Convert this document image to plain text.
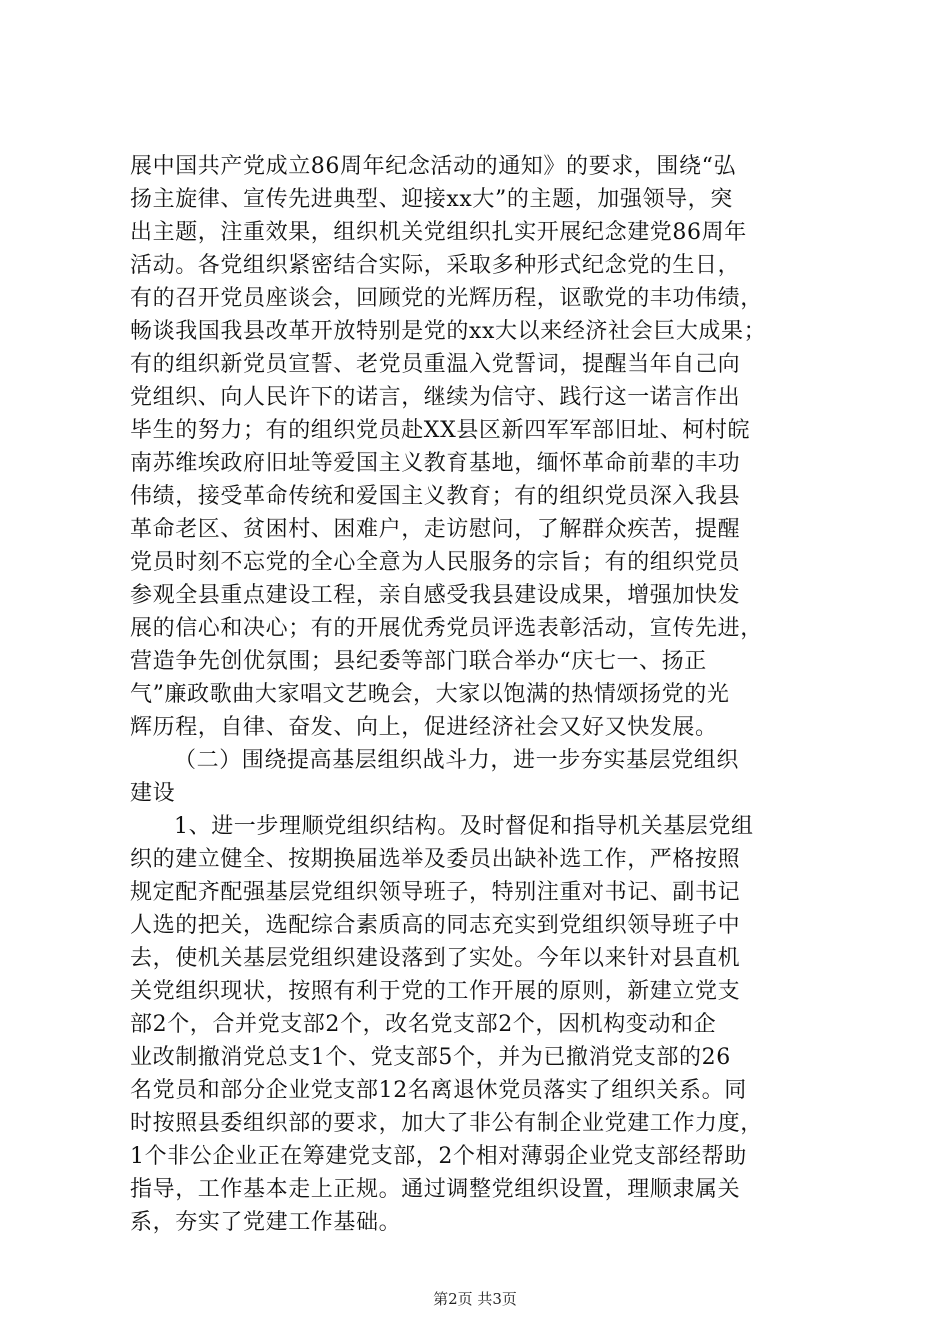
展中国共产党成立86周年纪念活动的通知》的要求，围绕“弘
扬主旋律、宣传先进典型、迎接xx大”的主题，加强领导，突
出主题，注重效果，组织机关党组织扎实开展纪念建党86周年
活动。各党组织紧密结合实际，采取多种形式纪念党的生日，
有的召开党员座谈会，回顾党的光辉历程，讴歌党的丰功伟绩，
畅谈我国我县改革开放特别是党的xx大以来经济社会巨大成果；
有的组织新党员宣誓、老党员重温入党誓词，提醒当年自己向
党组织、向人民许下的诺言，继续为信守、践行这一诺言作出
毕生的努力；有的组织党员赴XX县区新四军军部旧址、柯村皖
南苏维埃政府旧址等爱国主义教育基地，缅怀革命前辈的丰功
伟绩，接受革命传统和爱国主义教育；有的组织党员深入我县
革命老区、贫困村、困难户，走访慰问，了解群众疾苦，提醒
党员时刻不忘党的全心全意为人民服务的宗旨；有的组织党员
参观全县重点建设工程，亲自感受我县建设成果，增强加快发
展的信心和决心；有的开展优秀党员评选表彰活动，宣传先进，
营造争先创优氛围；县纪委等部门联合举办“庆七一、扬正
气”廉政歌曲大家唱文艺晚会，大家以饱满的热情颂扬党的光
辉历程，自律、奋发、向上，促进经济社会又好又快发展。
（二）围绕提高基层组织战斗力，进一步夯实基层党组织
建设
1、进一步理顺党组织结构。及时督促和指导机关基层党组
织的建立健全、按期换届选举及委员出缺补选工作，严格按照
规定配齐配强基层党组织领导班子，特别注重对书记、副书记
人选的把关，选配综合素质高的同志充实到党组织领导班子中
去，使机关基层党组织建设落到了实处。今年以来针对县直机
关党组织现状，按照有利于党的工作开展的原则，新建立党支
部2个，合并党支部2个，改名党支部2个，因机构变动和企
业改制撤消党总支1个、党支部5个，并为已撤消党支部的26
名党员和部分企业党支部12名离退休党员落实了组织关系。同
时按照县委组织部的要求，加大了非公有制企业党建工作力度，
1个非公企业正在筹建党支部，2个相对薄弱企业党支部经帮助
指导，工作基本走上正规。通过调整党组织设置，理顺隶属关
系，夯实了党建工作基础。
第2页 共3页
